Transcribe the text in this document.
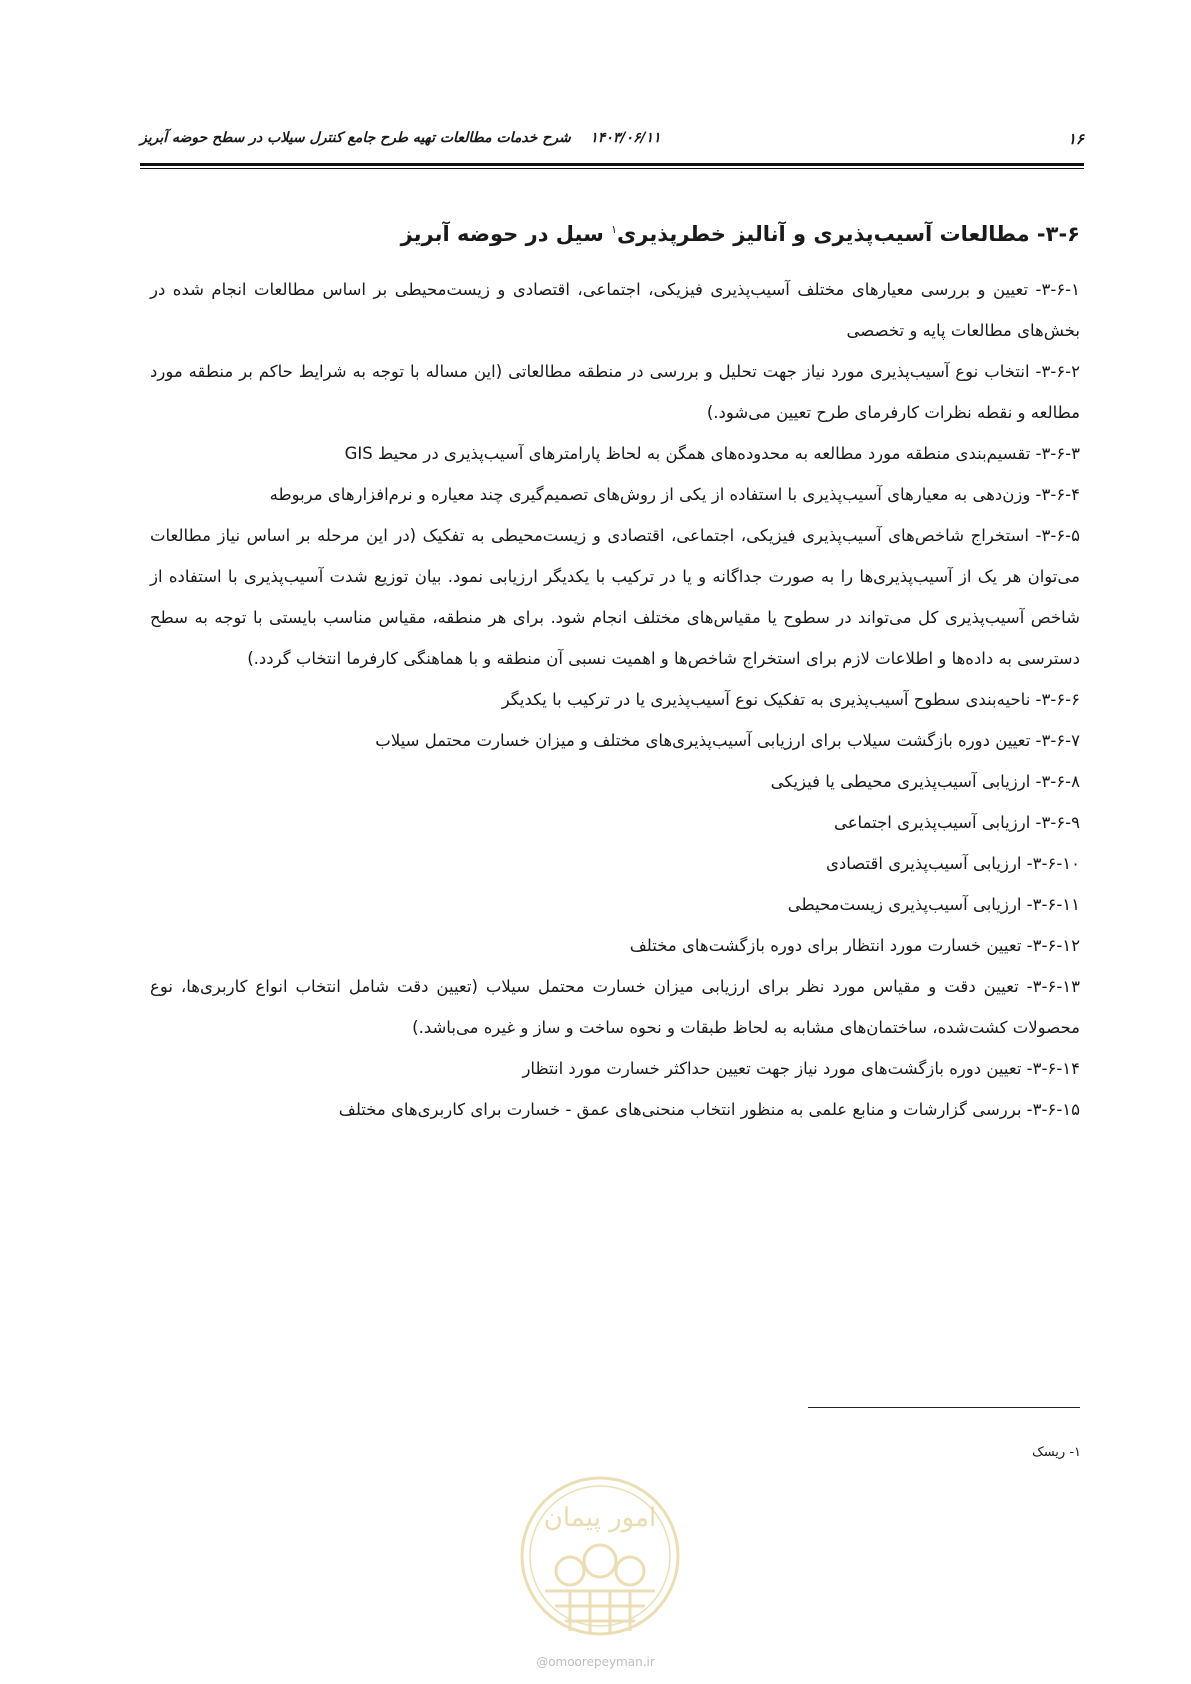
۱۶
۱۴۰۳/۰۶/۱۱    شرح خدمات مطالعات تهیه طرح جامع کنترل سیلاب در سطح حوضه آبریز

۳-۶- مطالعات آسیب‌پذیری و آنالیز خطرپذیری$^۱$ سیل در حوضه آبریز

۳-۶-۱- تعیین و بررسی معیارهای مختلف آسیب‌پذیری فیزیکی، اجتماعی، اقتصادی و زیست‌محیطی بر اساس مطالعات انجام شده در بخش‌های مطالعات پایه و تخصصی

۳-۶-۲- انتخاب نوع آسیب‌پذیری مورد نیاز جهت تحلیل و بررسی در منطقه مطالعاتی (این مساله با توجه به شرایط حاکم بر منطقه مورد مطالعه و نقطه نظرات کارفرمای طرح تعیین می‌شود.)

۳-۶-۳- تقسیم‌بندی منطقه مورد مطالعه به محدوده‌های همگن به لحاظ پارامترهای آسیب‌پذیری در محیط GIS

۳-۶-۴- وزن‌دهی به معیارهای آسیب‌پذیری با استفاده از یکی از روش‌های تصمیم‌گیری چند معیاره و نرم‌افزارهای مربوطه

۳-۶-۵- استخراج شاخص‌های آسیب‌پذیری فیزیکی، اجتماعی، اقتصادی و زیست‌محیطی به تفکیک (در این مرحله بر اساس نیاز مطالعات می‌توان هر یک از آسیب‌پذیری‌ها را به صورت جداگانه و یا در ترکیب با یکدیگر ارزیابی نمود. بیان توزیع شدت آسیب‌پذیری با استفاده از شاخص آسیب‌پذیری کل می‌تواند در سطوح یا مقیاس‌های مختلف انجام شود. برای هر منطقه، مقیاس مناسب بایستی با توجه به سطح دسترسی به داده‌ها و اطلاعات لازم برای استخراج شاخص‌ها و اهمیت نسبی آن منطقه و با هماهنگی کارفرما انتخاب گردد.)

۳-۶-۶- ناحیه‌بندی سطوح آسیب‌پذیری به تفکیک نوع آسیب‌پذیری یا در ترکیب با یکدیگر

۳-۶-۷- تعیین دوره بازگشت سیلاب برای ارزیابی آسیب‌پذیری‌های مختلف و میزان خسارت محتمل سیلاب

۳-۶-۸- ارزیابی آسیب‌پذیری محیطی یا فیزیکی

۳-۶-۹- ارزیابی آسیب‌پذیری اجتماعی

۳-۶-۱۰- ارزیابی آسیب‌پذیری اقتصادی

۳-۶-۱۱- ارزیابی آسیب‌پذیری زیست‌محیطی

۳-۶-۱۲- تعیین خسارت مورد انتظار برای دوره بازگشت‌های مختلف

۳-۶-۱۳- تعیین دقت و مقیاس مورد نظر برای ارزیابی میزان خسارت محتمل سیلاب (تعیین دقت شامل انتخاب انواع کاربری‌ها، نوع محصولات کشت‌شده، ساختمان‌های مشابه به لحاظ طبقات و نحوه ساخت و ساز و غیره می‌باشد.)

۳-۶-۱۴- تعیین دوره بازگشت‌های مورد نیاز جهت تعیین حداکثر خسارت مورد انتظار

۳-۶-۱۵- بررسی گزارشات و منابع علمی به منظور انتخاب منحنی‌های عمق - خسارت برای کاربری‌های مختلف

۱- ریسک
امور پیمان
@omoorepeyman.ir
